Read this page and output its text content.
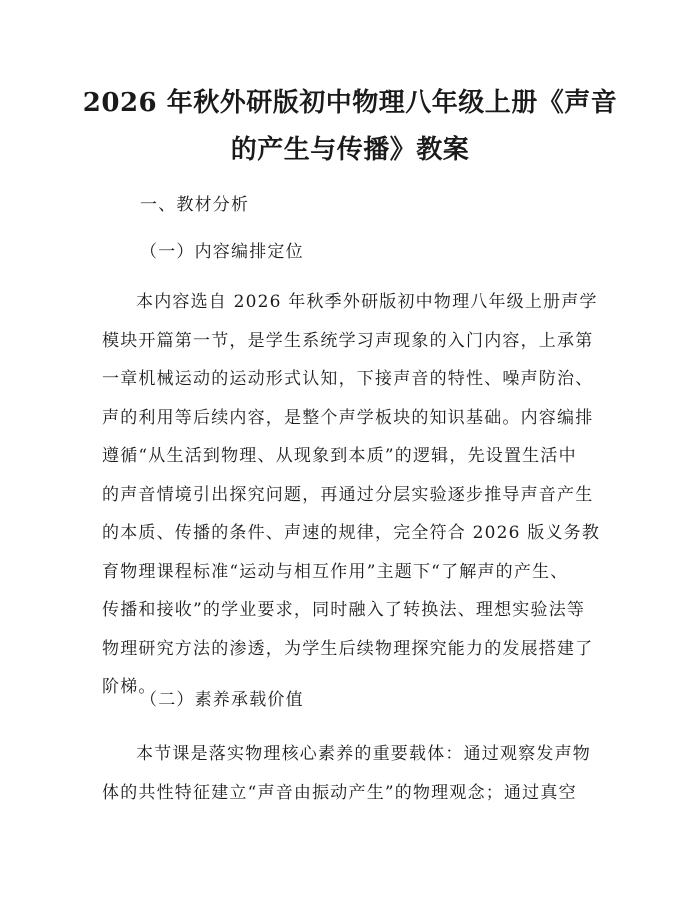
2026 年秋外研版初中物理八年级上册《声音
的产生与传播》教案
一、教材分析
（一）内容编排定位
本内容选自 2026 年秋季外研版初中物理八年级上册声学
模块开篇第一节，是学生系统学习声现象的入门内容，上承第
一章机械运动的运动形式认知，下接声音的特性、噪声防治、
声的利用等后续内容，是整个声学板块的知识基础。内容编排
遵循“从生活到物理、从现象到本质”的逻辑，先设置生活中
的声音情境引出探究问题，再通过分层实验逐步推导声音产生
的本质、传播的条件、声速的规律，完全符合 2026 版义务教
育物理课程标准“运动与相互作用”主题下“了解声的产生、
传播和接收”的学业要求，同时融入了转换法、理想实验法等
物理研究方法的渗透，为学生后续物理探究能力的发展搭建了
阶梯。
（二）素养承载价值
本节课是落实物理核心素养的重要载体：通过观察发声物
体的共性特征建立“声音由振动产生”的物理观念；通过真空
